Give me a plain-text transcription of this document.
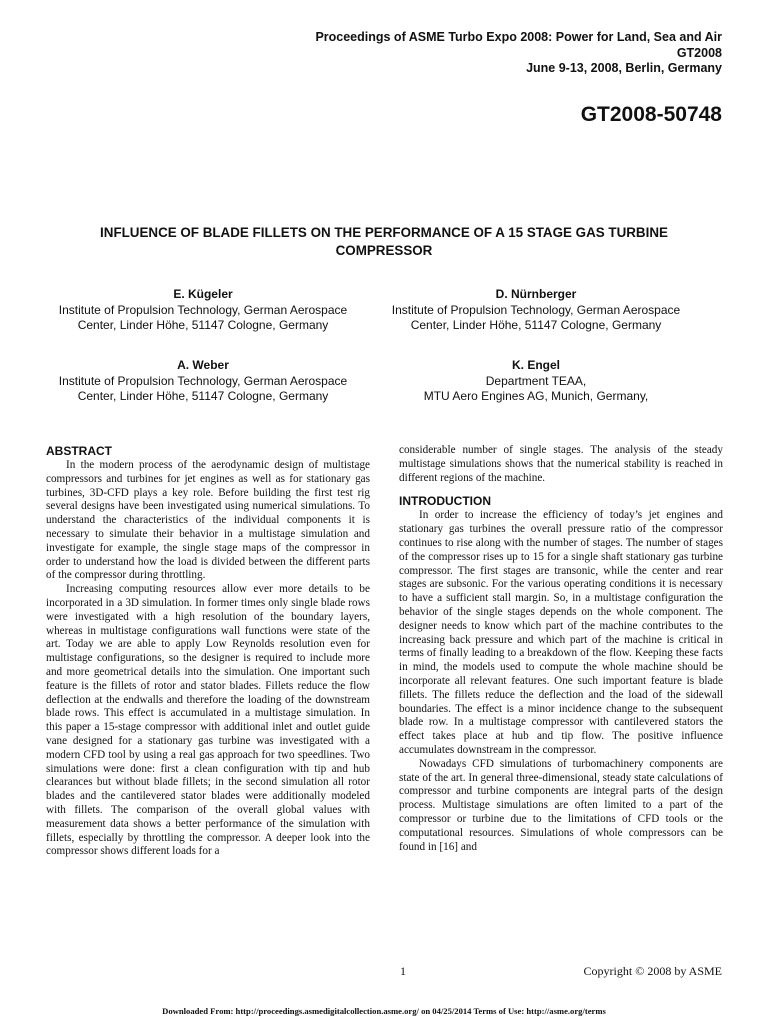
Proceedings of ASME Turbo Expo 2008: Power for Land, Sea and Air
GT2008
June 9-13, 2008, Berlin, Germany
GT2008-50748
INFLUENCE OF BLADE FILLETS ON THE PERFORMANCE OF A 15 STAGE GAS TURBINE
COMPRESSOR
E. Kügeler
Institute of Propulsion Technology, German Aerospace
Center, Linder Höhe, 51147 Cologne, Germany
D. Nürnberger
Institute of Propulsion Technology, German Aerospace
Center, Linder Höhe, 51147 Cologne, Germany
A. Weber
Institute of Propulsion Technology, German Aerospace
Center, Linder Höhe, 51147 Cologne, Germany
K. Engel
Department TEAA,
MTU Aero Engines AG, Munich, Germany,
ABSTRACT

In the modern process of the aerodynamic design of multistage compressors and turbines for jet engines as well as for stationary gas turbines, 3D-CFD plays a key role. Before building the first test rig several designs have been investigated using numerical simulations. To understand the characteristics of the individual components it is necessary to simulate their behavior in a multistage simulation and investigate for example, the single stage maps of the compressor in order to understand how the load is divided between the different parts of the compressor during throttling.

Increasing computing resources allow ever more details to be incorporated in a 3D simulation. In former times only single blade rows were investigated with a high resolution of the boundary layers, whereas in multistage configurations wall functions were state of the art. Today we are able to apply Low Reynolds resolution even for multistage configurations, so the designer is required to include more and more geometrical details into the simulation. One important such feature is the fillets of rotor and stator blades. Fillets reduce the flow deflection at the endwalls and therefore the loading of the downstream blade rows. This effect is accumulated in a multistage simulation. In this paper a 15-stage compressor with additional inlet and outlet guide vane designed for a stationary gas turbine was investigated with a modern CFD tool by using a real gas approach for two speedlines. Two simulations were done: first a clean configuration with tip and hub clearances but without blade fillets; in the second simulation all rotor blades and the cantilevered stator blades were additionally modeled with fillets. The comparison of the overall global values with measurement data shows a better performance of the simulation with fillets, especially by throttling the compressor. A deeper look into the compressor shows different loads for a

considerable number of single stages. The analysis of the steady multistage simulations shows that the numerical stability is reached in different regions of the machine.

INTRODUCTION

In order to increase the efficiency of today’s jet engines and stationary gas turbines the overall pressure ratio of the compressor continues to rise along with the number of stages. The number of stages of the compressor rises up to 15 for a single shaft stationary gas turbine compressor. The first stages are transonic, while the center and rear stages are subsonic. For the various operating conditions it is necessary to have a sufficient stall margin. So, in a multistage configuration the behavior of the single stages depends on the whole component. The designer needs to know which part of the machine contributes to the increasing back pressure and which part of the machine is critical in terms of finally leading to a breakdown of the flow. Keeping these facts in mind, the models used to compute the whole machine should be incorporate all relevant features. One such important feature is blade fillets. The fillets reduce the deflection and the load of the sidewall boundaries. The effect is a minor incidence change to the subsequent blade row. In a multistage compressor with cantilevered stators the effect takes place at hub and tip flow. The positive influence accumulates downstream in the compressor.

Nowadays CFD simulations of turbomachinery components are state of the art. In general three-dimensional, steady state calculations of compressor and turbine components are integral parts of the design process. Multistage simulations are often limited to a part of the compressor or turbine due to the limitations of CFD tools or the computational resources. Simulations of whole compressors can be found in [16] and

1	Copyright © 2008 by ASME
Downloaded From: http://proceedings.asmedigitalcollection.asme.org/ on 04/25/2014 Terms of Use: http://asme.org/terms
